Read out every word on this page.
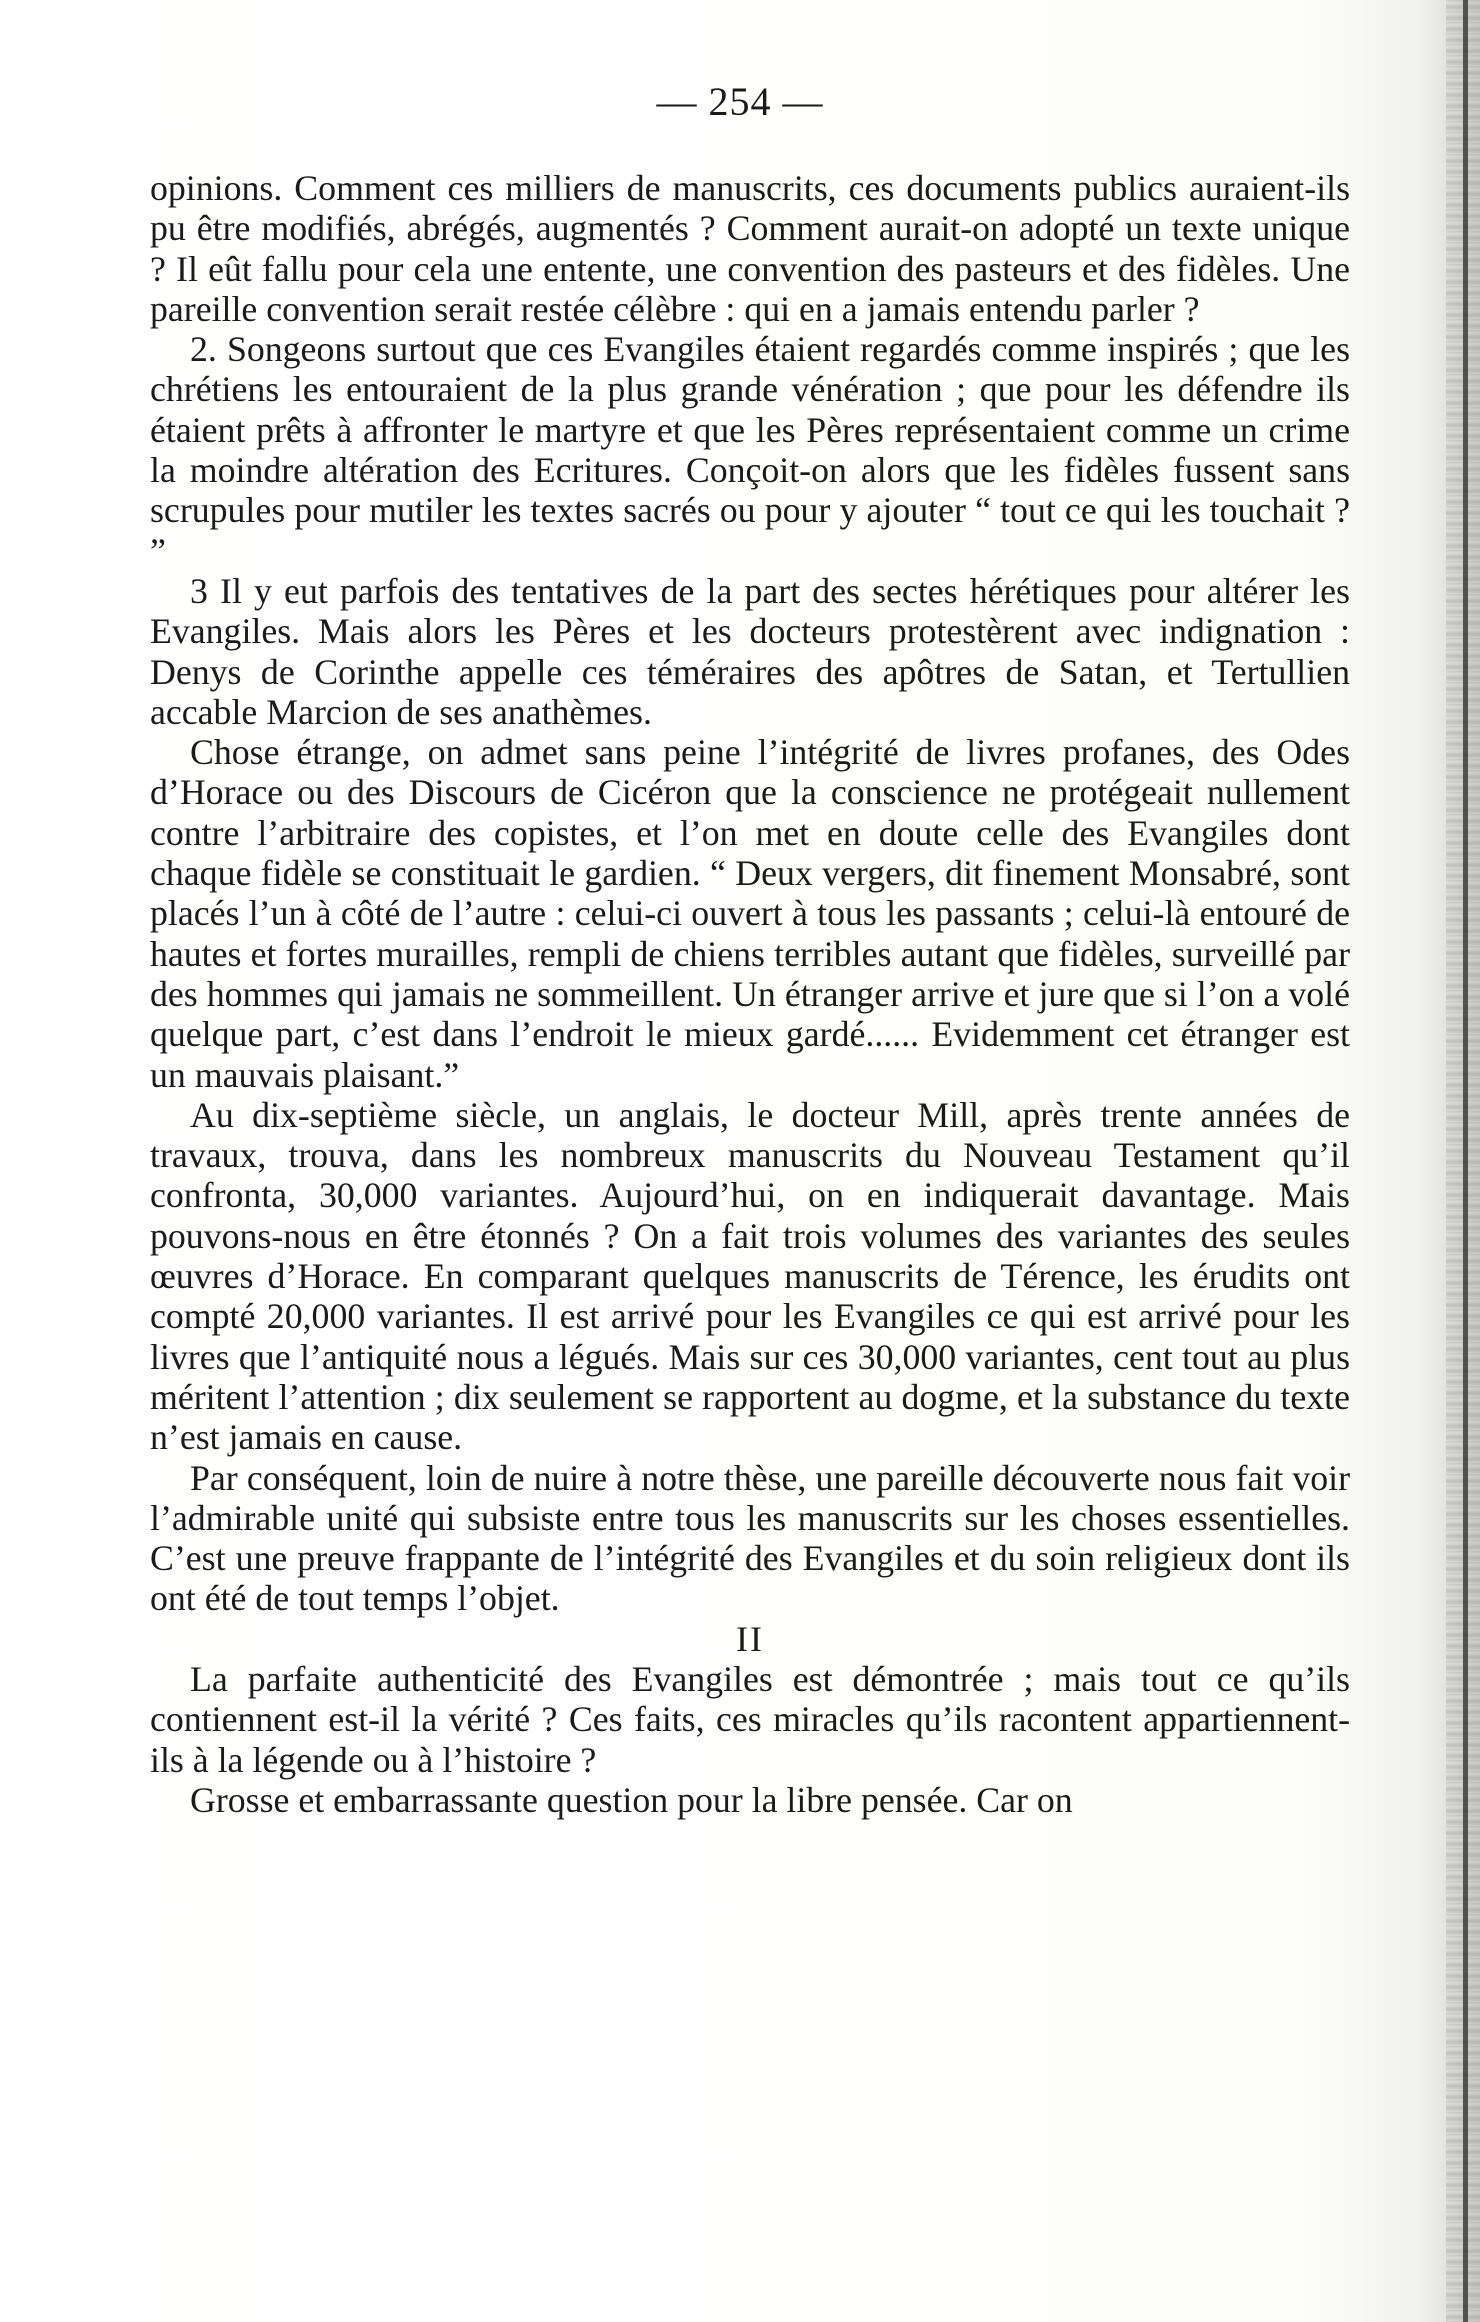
— 254 —

opinions. Comment ces milliers de manuscrits, ces documents publics auraient-ils pu être modifiés, abrégés, augmentés ? Comment aurait-on adopté un texte unique ? Il eût fallu pour cela une entente, une convention des pasteurs et des fidèles. Une pareille convention serait restée célèbre : qui en a jamais entendu parler ?

2. Songeons surtout que ces Evangiles étaient regardés comme inspirés ; que les chrétiens les entouraient de la plus grande vénération ; que pour les défendre ils étaient prêts à affronter le martyre et que les Pères représentaient comme un crime la moindre altération des Ecritures. Conçoit-on alors que les fidèles fussent sans scrupules pour mutiler les textes sacrés ou pour y ajouter “ tout ce qui les touchait ? ”

3 Il y eut parfois des tentatives de la part des sectes hérétiques pour altérer les Evangiles. Mais alors les Pères et les docteurs protestèrent avec indignation : Denys de Corinthe appelle ces téméraires des apôtres de Satan, et Tertullien accable Marcion de ses anathèmes.

Chose étrange, on admet sans peine l’intégrité de livres profanes, des Odes d’Horace ou des Discours de Cicéron que la conscience ne protégeait nullement contre l’arbitraire des copistes, et l’on met en doute celle des Evangiles dont chaque fidèle se constituait le gardien. “ Deux vergers, dit finement Monsabré, sont placés l’un à côté de l’autre : celui-ci ouvert à tous les passants ; celui-là entouré de hautes et fortes murailles, rempli de chiens terribles autant que fidèles, surveillé par des hommes qui jamais ne sommeillent. Un étranger arrive et jure que si l’on a volé quelque part, c’est dans l’endroit le mieux gardé...... Evidemment cet étranger est un mauvais plaisant.”

Au dix-septième siècle, un anglais, le docteur Mill, après trente années de travaux, trouva, dans les nombreux manuscrits du Nouveau Testament qu’il confronta, 30,000 variantes. Aujourd’hui, on en indiquerait davantage. Mais pouvons-nous en être étonnés ? On a fait trois volumes des variantes des seules œuvres d’Horace. En comparant quelques manuscrits de Térence, les érudits ont compté 20,000 variantes. Il est arrivé pour les Evangiles ce qui est arrivé pour les livres que l’antiquité nous a légués. Mais sur ces 30,000 variantes, cent tout au plus méritent l’attention ; dix seulement se rapportent au dogme, et la substance du texte n’est jamais en cause.

Par conséquent, loin de nuire à notre thèse, une pareille découverte nous fait voir l’admirable unité qui subsiste entre tous les manuscrits sur les choses essentielles. C’est une preuve frappante de l’intégrité des Evangiles et du soin religieux dont ils ont été de tout temps l’objet.

II

La parfaite authenticité des Evangiles est démontrée ; mais tout ce qu’ils contiennent est-il la vérité ? Ces faits, ces miracles qu’ils racontent appartiennent-ils à la légende ou à l’histoire ?

Grosse et embarrassante question pour la libre pensée. Car on
